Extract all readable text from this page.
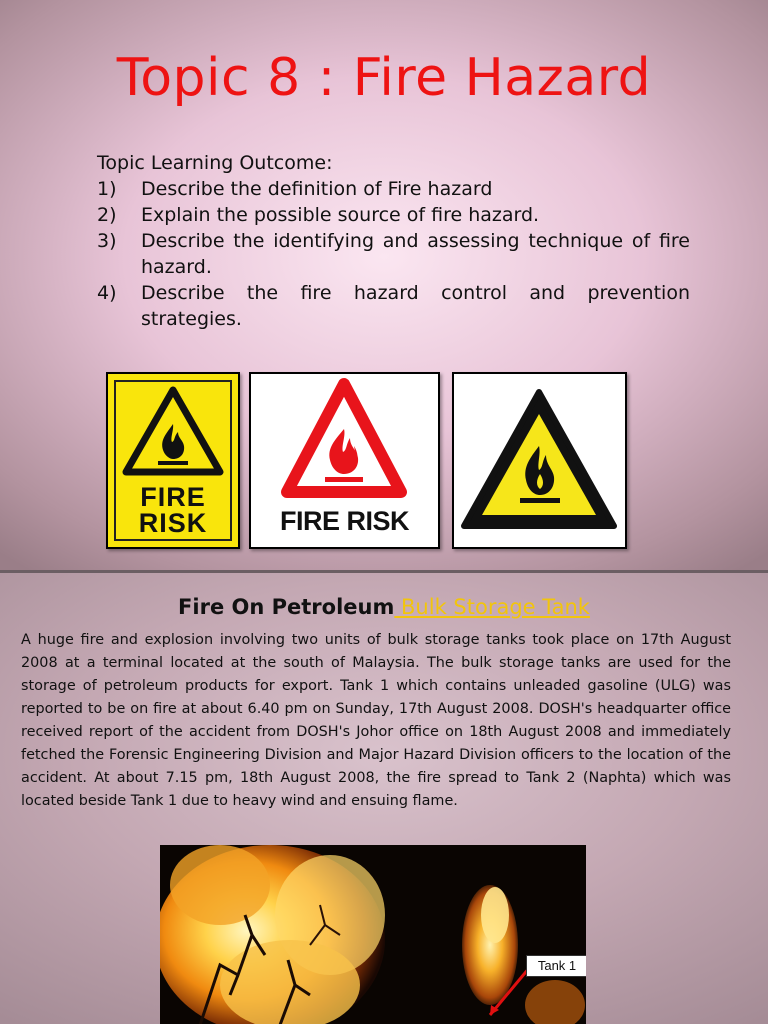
Topic 8 : Fire Hazard

Topic Learning Outcome:

1)	Describe the definition of Fire hazard
2)	Explain the possible source of fire hazard.
3)	Describe the identifying and assessing technique of fire hazard.
4)	Describe the fire hazard control and prevention strategies.
FIRE
RISK	FIRE RISK
Fire On Petroleum Bulk Storage Tank
A huge fire and explosion involving two units of bulk storage tanks took place on 17th August 2008 at a terminal located at the south of Malaysia. The bulk storage tanks are used for the storage of petroleum products for export. Tank 1 which contains unleaded gasoline (ULG) was reported to be on fire at about 6.40 pm on Sunday, 17th August 2008. DOSH's headquarter office received report of the accident from DOSH's Johor office on 18th August 2008 and immediately fetched the Forensic Engineering Division and Major Hazard Division officers to the location of the accident. At about 7.15 pm, 18th August 2008, the fire spread to Tank 2 (Naphta) which was located beside Tank 1 due to heavy wind and ensuing flame.
Tank 1
